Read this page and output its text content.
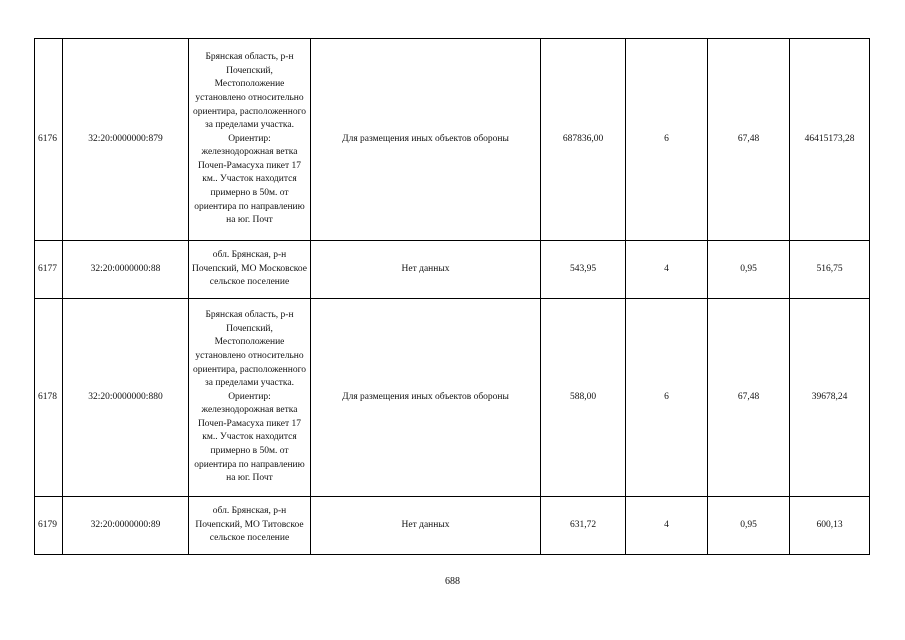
6176	32:20:0000000:879	Брянская область, р-н Почепский, Местоположение установлено относительно ориентира, расположенного за пределами участка. Ориентир: железнодорожная ветка Почеп-Рамасуха пикет 17 км.. Участок находится примерно в 50м. от ориентира по направлению на юг. Почт	Для размещения иных объектов обороны	687836,00	6	67,48	46415173,28
6177	32:20:0000000:88	обл. Брянская, р-н Почепский, МО Московское сельское поселение	Нет данных	543,95	4	0,95	516,75
6178	32:20:0000000:880	Брянская область, р-н Почепский, Местоположение установлено относительно ориентира, расположенного за пределами участка. Ориентир: железнодорожная ветка Почеп-Рамасуха пикет 17 км.. Участок находится примерно в 50м. от ориентира по направлению на юг. Почт	Для размещения иных объектов обороны	588,00	6	67,48	39678,24
6179	32:20:0000000:89	обл. Брянская, р-н Почепский, МО Титовское сельское поселение	Нет данных	631,72	4	0,95	600,13
688
